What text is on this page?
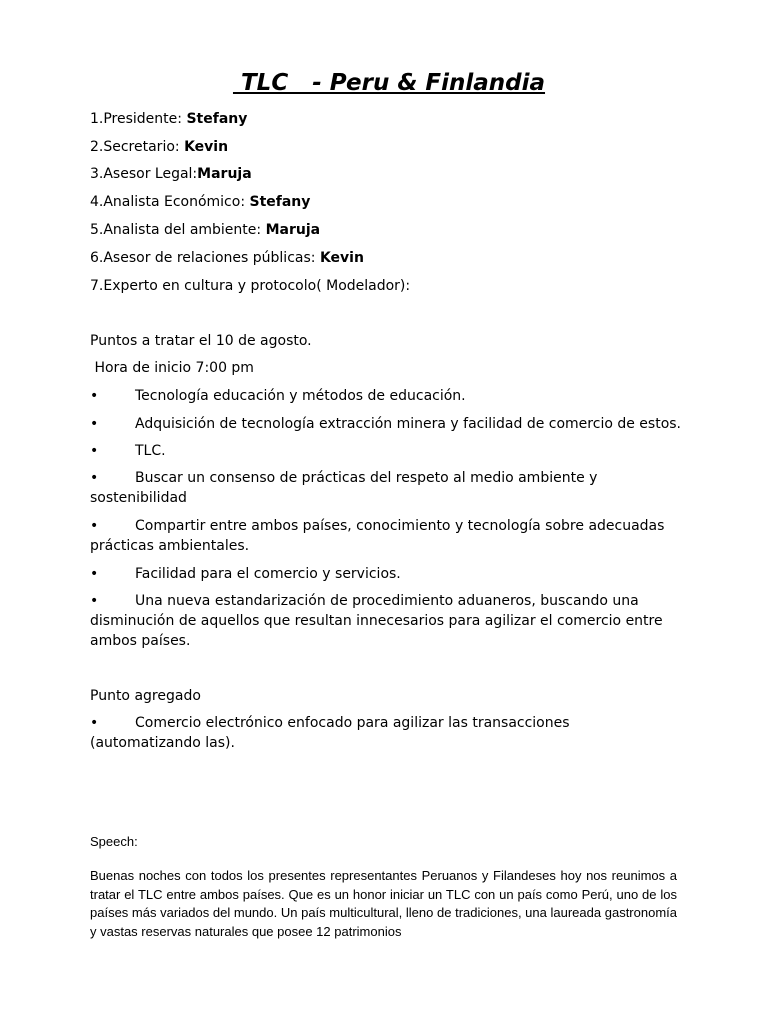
TLC   - Peru & Finlandia
1.Presidente: Stefany
2.Secretario: Kevin
3.Asesor Legal:Maruja
4.Analista Económico: Stefany
5.Analista del ambiente: Maruja
6.Asesor de relaciones públicas: Kevin
7.Experto en cultura y protocolo( Modelador):
Puntos a tratar el 10 de agosto.
Hora de inicio 7:00 pm
•	Tecnología educación y métodos de educación.
•	Adquisición de tecnología extracción minera y facilidad de comercio de estos.
•	TLC.
•	Buscar un consenso de prácticas del respeto al medio ambiente y sostenibilidad
•	Compartir entre ambos países, conocimiento y tecnología sobre adecuadas prácticas ambientales.
•	Facilidad para el comercio y servicios.
•	Una nueva estandarización de procedimiento aduaneros, buscando una disminución de aquellos que resultan innecesarios para agilizar el comercio entre ambos países.
Punto agregado
•	Comercio electrónico enfocado para agilizar las transacciones (automatizando las).
Speech:
Buenas noches con todos los presentes representantes Peruanos y Filandeses hoy nos reunimos a tratar el TLC entre ambos países. Que es un honor iniciar un TLC con un país como Perú, uno de los países más variados del mundo. Un país multicultural, lleno de tradiciones, una laureada gastronomía y vastas reservas naturales que posee 12 patrimonios
